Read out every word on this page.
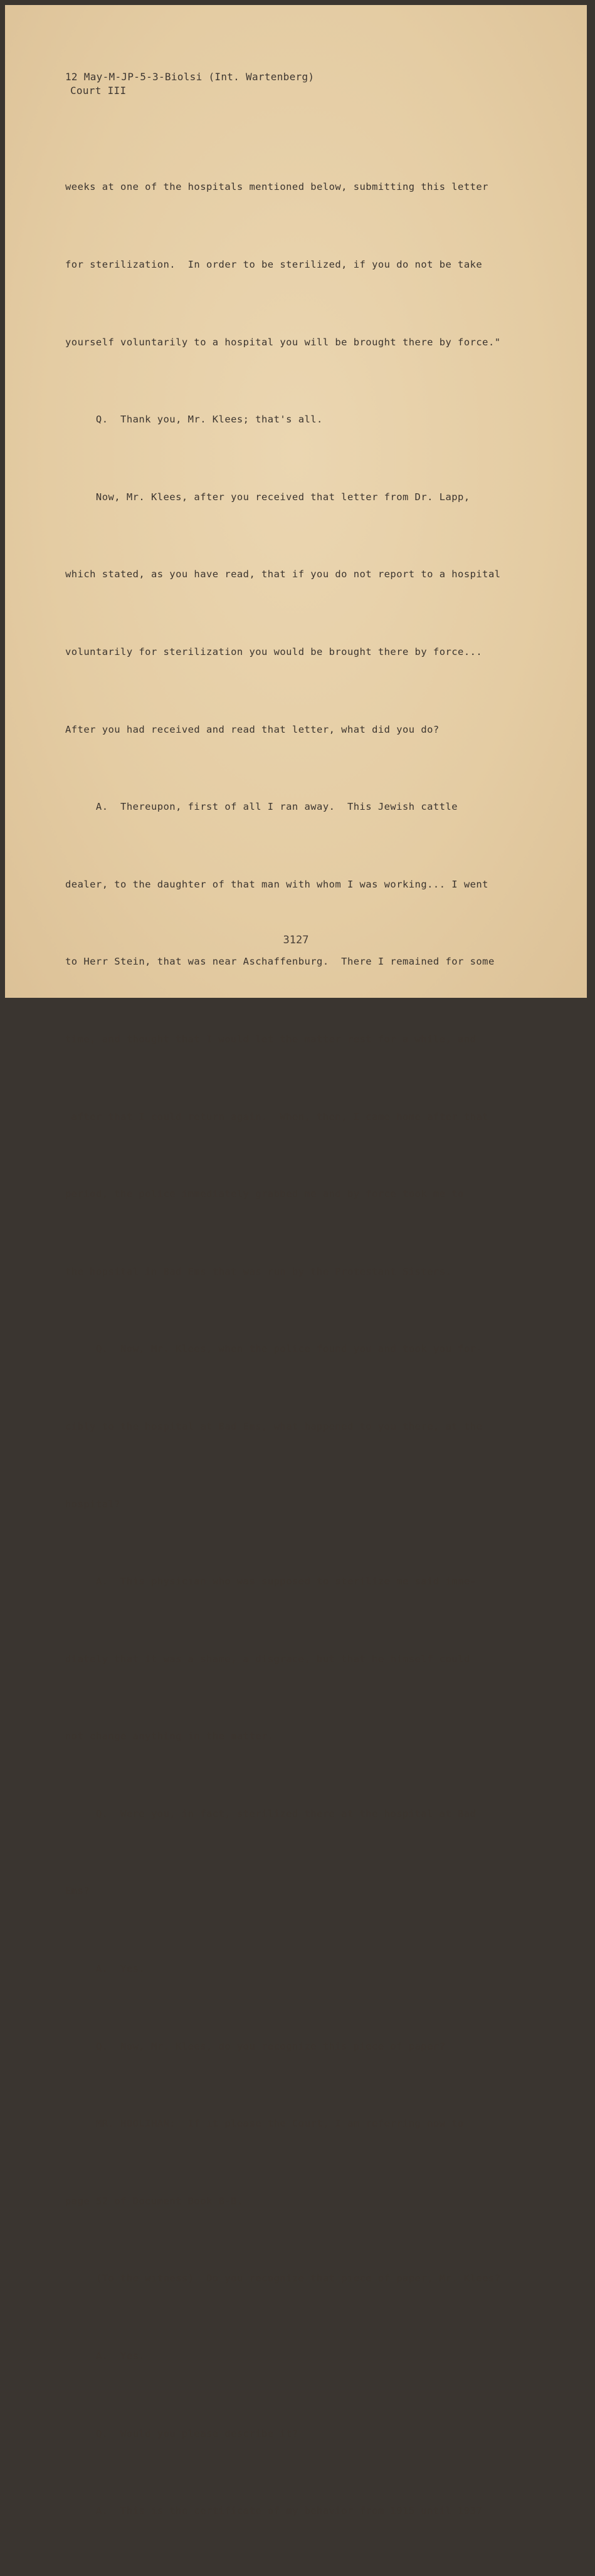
12 May-M-JP-5-3-Biolsi (Int. Wartenberg)
Court III

weeks at one of the hospitals mentioned below, submitting this letter

for sterilization.  In order to be sterilized, if you do not be take

yourself voluntarily to a hospital you will be brought there by force."

Q.  Thank you, Mr. Klees; that's all.

Now, Mr. Klees, after you received that letter from Dr. Lapp,

which stated, as you have read, that if you do not report to a hospital

voluntarily for sterilization you would be brought there by force...

After you had received and read that letter, what did you do?

A.  Thereupon, first of all I ran away.  This Jewish cattle

dealer, to the daughter of that man with whom I was working... I went

to Herr Stein, that was near Aschaffenburg.  There I remained for some

time, and thought that I would let the matter rest for a while, and

after that I could return again.  When, then, I came home after that

period, the police immediately grabbed me and by force took me to

the hopsital in Bad Ems that was run by the Protestant Sisters.

Q.  Now, Mr. Klees, when the police found you and took you for-

cibly to the hospital at Bad Ems, what happened to you there, at the

hospital?

A.  This physician who was supposed to sterilize me said imme-

diately that it was a shame, a disgrace, but that he himself could

not change anything in the matter.

Q.  Were you, in fact, sterilized there at the hospital at Bad

Ems?

A.  Yes.

Q.  Now, Mr. Klees, do you recognize this piece of paper?

MR. HOOLIHAN:  If it please the Court, I am referring now to

page 52 of Document Book 8-B.

(To the witness)  Do you recognize that piece of paper, Mr. Klees?

A.  Yes.

Q.  Would you please describe it?

A.  This is the certificate of my behavior from 1915 until 1937

3127
